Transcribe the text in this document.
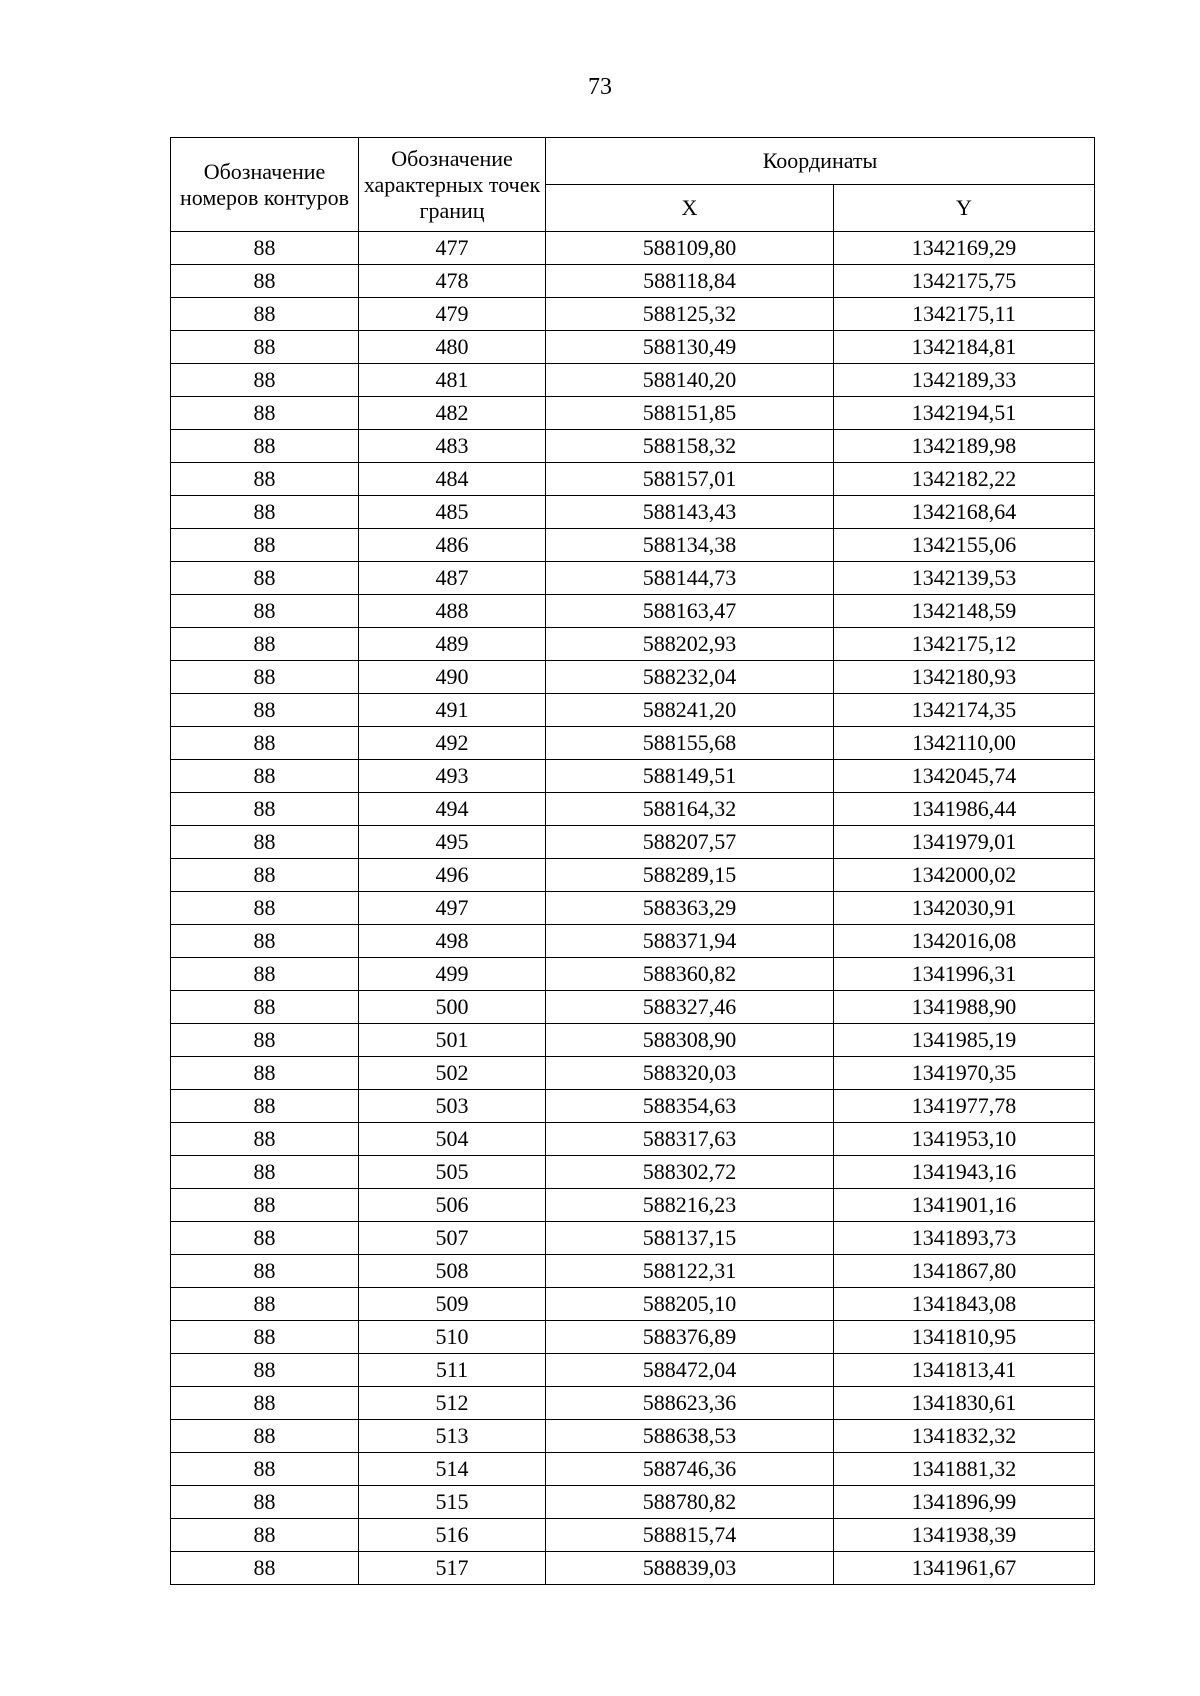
73
Обозначение номеров контуров	Обозначение характерных точек границ	Координаты	
		X	Y
88	477	588109,80	1342169,29
88	478	588118,84	1342175,75
88	479	588125,32	1342175,11
88	480	588130,49	1342184,81
88	481	588140,20	1342189,33
88	482	588151,85	1342194,51
88	483	588158,32	1342189,98
88	484	588157,01	1342182,22
88	485	588143,43	1342168,64
88	486	588134,38	1342155,06
88	487	588144,73	1342139,53
88	488	588163,47	1342148,59
88	489	588202,93	1342175,12
88	490	588232,04	1342180,93
88	491	588241,20	1342174,35
88	492	588155,68	1342110,00
88	493	588149,51	1342045,74
88	494	588164,32	1341986,44
88	495	588207,57	1341979,01
88	496	588289,15	1342000,02
88	497	588363,29	1342030,91
88	498	588371,94	1342016,08
88	499	588360,82	1341996,31
88	500	588327,46	1341988,90
88	501	588308,90	1341985,19
88	502	588320,03	1341970,35
88	503	588354,63	1341977,78
88	504	588317,63	1341953,10
88	505	588302,72	1341943,16
88	506	588216,23	1341901,16
88	507	588137,15	1341893,73
88	508	588122,31	1341867,80
88	509	588205,10	1341843,08
88	510	588376,89	1341810,95
88	511	588472,04	1341813,41
88	512	588623,36	1341830,61
88	513	588638,53	1341832,32
88	514	588746,36	1341881,32
88	515	588780,82	1341896,99
88	516	588815,74	1341938,39
88	517	588839,03	1341961,67
